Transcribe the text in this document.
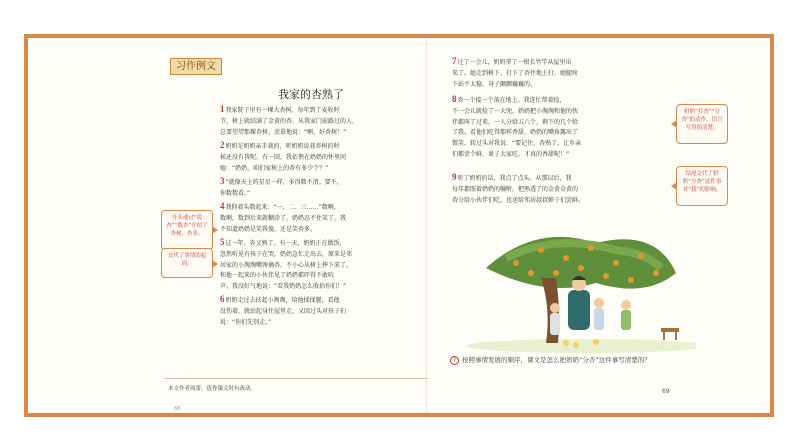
习作例文
我家的杏熟了
1我家院子里有一棵大杏树。每年到了麦收时
节，树上就结满了金黄的杏。从我家门前路过的人，
总要望望那棵杏树，羡慕地说：“啊，好杏树！”
2奶奶是奶奶亲手栽的，听奶奶说栽杏树的时
候还没有我呢。有一回，我依偎在奶奶的怀里问
她：“奶奶，咱们家树上的杏有多少个？”
3“就像天上的星星一样，多得数不清。要不，
你数数看。”
4我仰着头数起来：“一、二、三……”数啊，
数啊，数到后来就糊涂了。奶奶忍不住笑了。我
不知道奶奶是笑我傻，还是笑杏多。
5这一年，杏又熟了。有一天，奶奶正在做饭，
忽然听见有孩子在哭。奶奶急忙走出去，原来是邻
居家的小淘淘嘴馋摘杏，不小心从树上摔下来了。
和他一起来的小伙伴见了奶奶都吓得不敢吭
声。我没好气地说：“看我奶奶怎么收拾你们！”
6奶奶走过去扶起小淘淘，给他揉揉腿，看他
没伤着，就站起身往屋里走，又回过头对孩子们
说：“你们先别走。”
开头通过“说杏”“数杏”介绍了杏树、杏多。
交代了事情的起因。
本文作者周蕾，选作课文时有改动。
68
7过了一会儿，奶奶拿了一根长竹竿从屋里出
来了。她走到树下，打下了杏往地上打。她腿疼
下站不太稳，身子颤颤巍巍的。
8杏一个接一个落在地上。我连忙帮着捡，
不一会儿就捡了一大兜。奶奶把小淘淘和他的伙
伴都叫了过来，一人分给五六个，剩下的几个给
了我。看他们吃得那样香甜，奶奶的嘴角露出了
微笑，转过头对我说：“要记住，杏熟了，让乡亲
们都尝个鲜，果子大家吃，才真的香甜呢！”
9听了奶奶的话，我点了点头。从那以后，我
每年都照着奶奶的嘱咐，把熟透了的金黄金黄的
杏分给小伙伴们吃，也送给邻居叔叔婶子们尝鲜。
奶奶“打杏”“分杏”的动作、语言写得很清楚。
结尾交代了奶奶“分杏”这件事对“我”的影响。
? 按照事情发展的顺序，课文是怎么把奶奶“分杏”这件事写清楚的？
69
